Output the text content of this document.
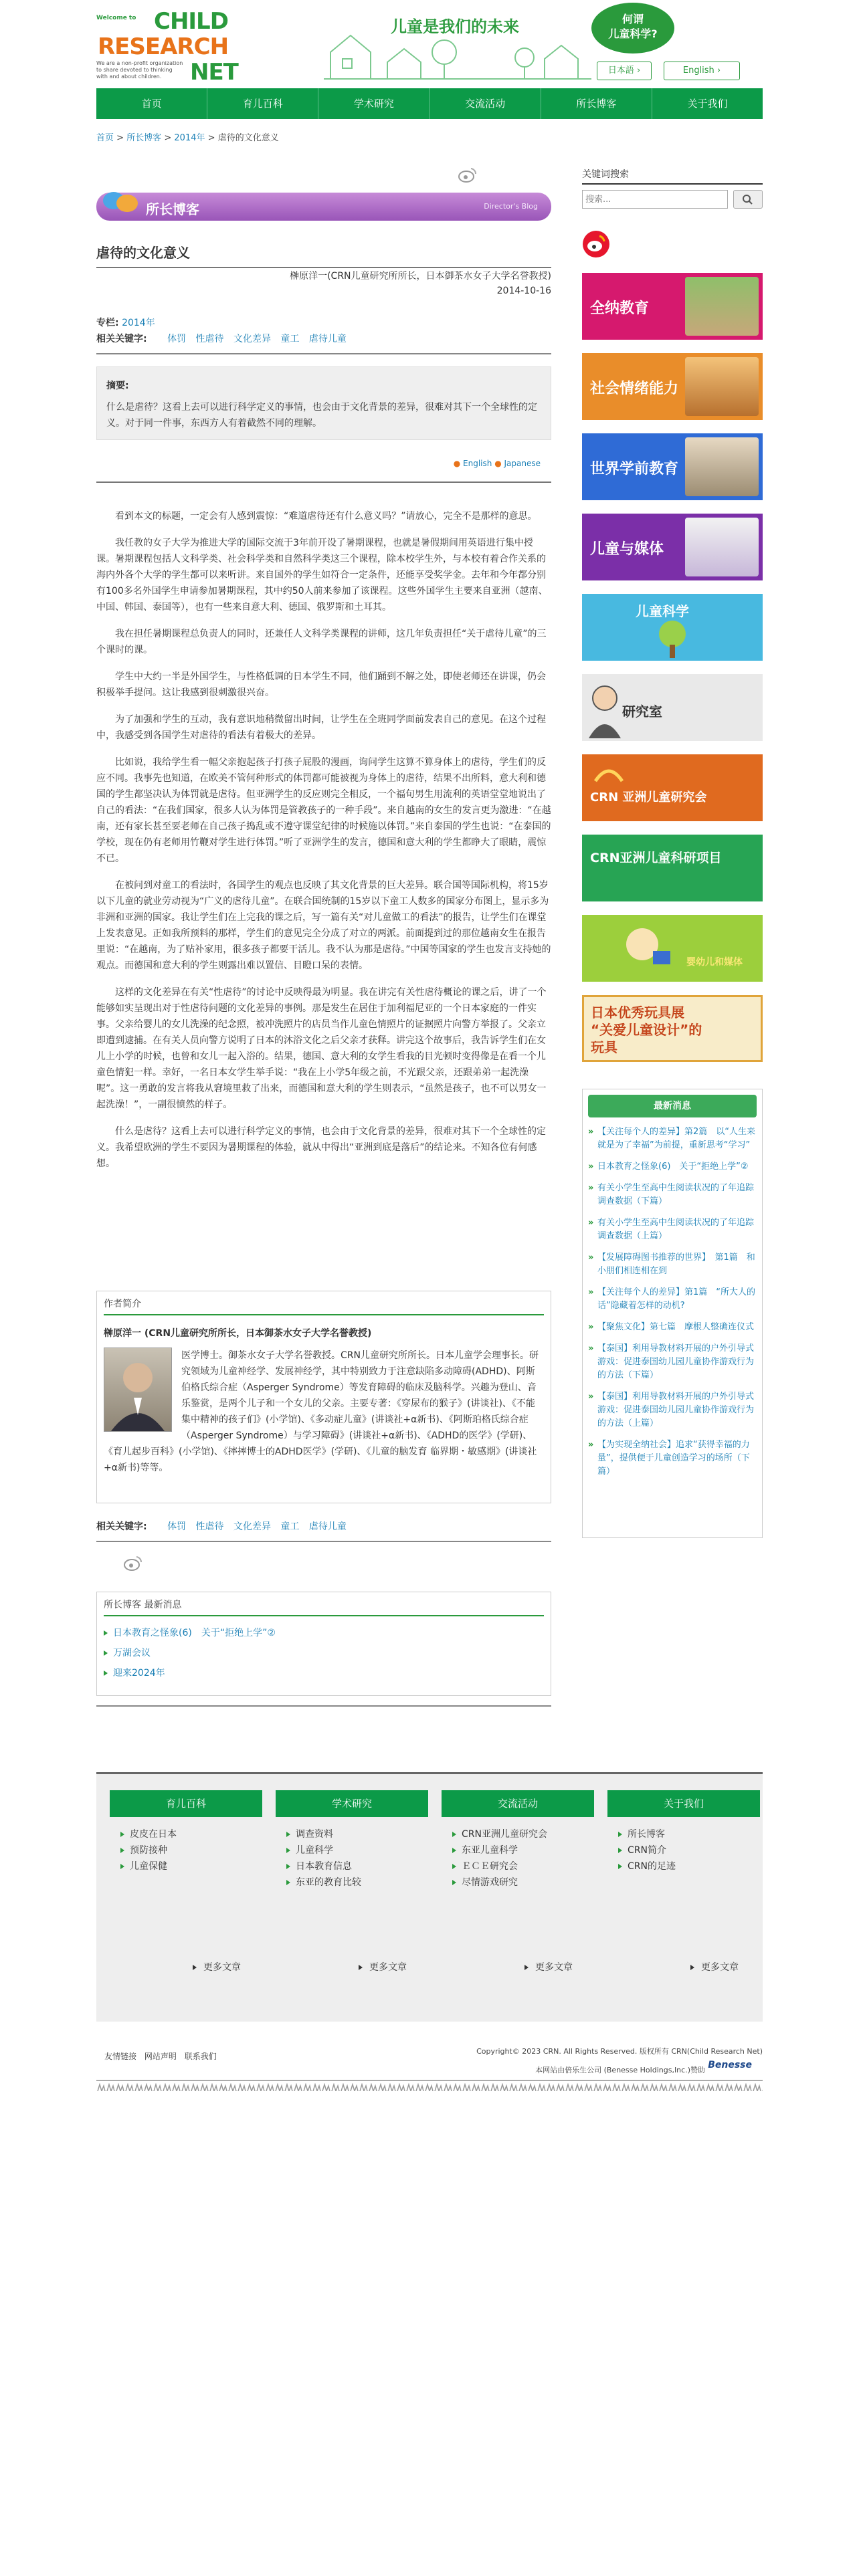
Welcome to CHILD
RESEARCH
NET
We are a non-profit organization to share devoted to thinking with and about children.
儿童是我们的未来	何谓
儿童科学?
日本語 ›	English ›
首页	育儿百科	学术研究	交流活动	所长博客	关于我们
首页 > 所长博客 > 2014年 > 虐待的文化意义
所长博客	Director's Blog
虐待的文化意义
榊原洋一(CRN儿童研究所所长，日本御茶水女子大学名誉教授)
2014-10-16
专栏: 2014年
相关关键字: 体罚 性虐待 文化差异 童工 虐待儿童
摘要:
什么是虐待？这看上去可以进行科学定义的事情，也会由于文化背景的差异，很难对其下一个全球性的定义。对于同一件事，东西方人有着截然不同的理解。
● English ● Japanese

看到本文的标题，一定会有人感到震惊：“难道虐待还有什么意义吗？”请放心，完全不是那样的意思。

我任教的女子大学为推进大学的国际交流于3年前开设了暑期课程，也就是暑假期间用英语进行集中授课。暑期课程包括人文科学类、社会科学类和自然科学类这三个课程，除本校学生外，与本校有着合作关系的海内外各个大学的学生都可以来听讲。来自国外的学生如符合一定条件，还能享受奖学金。去年和今年都分别有100多名外国学生申请参加暑期课程，其中约50人前来参加了该课程。这些外国学生主要来自亚洲（越南、中国、韩国、泰国等），也有一些来自意大利、德国、俄罗斯和土耳其。

我在担任暑期课程总负责人的同时，还兼任人文科学类课程的讲师，这几年负责担任“关于虐待儿童”的三个课时的课。

学生中大约一半是外国学生，与性格低调的日本学生不同，他们踊到不解之处，即使老师还在讲课，仍会积极举手提问。这让我感到很刺激很兴奋。

为了加强和学生的互动，我有意识地稍微留出时间，让学生在全班同学面前发表自己的意见。在这个过程中，我感受到各国学生对虐待的看法有着极大的差异。

比如说，我给学生看一幅父亲抱起孩子打孩子屁股的漫画，询问学生这算不算身体上的虐待，学生们的反应不同。我事先也知道，在欧美不管何种形式的体罚都可能被视为身体上的虐待，结果不出所料，意大利和德国的学生都坚决认为体罚就是虐待。但亚洲学生的反应则完全相反，一个福旬男生用流利的英语堂堂地说出了自己的看法：“在我们国家，很多人认为体罚是管教孩子的一种手段”。来自越南的女生的发言更为激进：“在越南，还有家长甚至要老师在自己孩子捣乱或不遵守课堂纪律的时候施以体罚。”来自泰国的学生也说：“在泰国的学校，现在仍有老师用竹鞭对学生进行体罚。”听了亚洲学生的发言，德国和意大利的学生都睁大了眼睛，震惊不已。

在被问到对童工的看法时，各国学生的观点也反映了其文化背景的巨大差异。联合国等国际机构，将15岁以下儿童的就业劳动视为“广义的虐待儿童”。在联合国统制的15岁以下童工人数多的国家分布图上，显示多为非洲和亚洲的国家。我让学生们在上完我的课之后，写一篇有关“对儿童做工的看法”的报告，让学生们在课堂上发表意见。正如我所预料的那样，学生们的意见完全分成了对立的两派。前面提到过的那位越南女生在报告里说：“在越南，为了贴补家用，很多孩子都要干活儿。我不认为那是虐待。”中国等国家的学生也发言支持她的观点。而德国和意大利的学生则露出难以置信、目瞪口呆的表情。

这样的文化差异在有关“性虐待”的讨论中反映得最为明显。我在讲完有关性虐待概论的课之后，讲了一个能够如实呈现出对于性虐待问题的文化差异的事例。那是发生在居住于加利福尼亚的一个日本家庭的一件实事。父亲给婴儿的女儿洗澡的纪念照，被冲洗照片的店员当作儿童色情照片的证据照片向警方举报了。父亲立即遭到逮捕。在有关人员向警方说明了日本的沐浴文化之后父亲才获释。讲完这个故事后，我告诉学生们在女儿上小学的时候，也曾和女儿一起入浴的。结果，德国、意大利的女学生看我的目光顿时变得像是在看一个儿童色情犯一样。幸好，一名日本女学生举手说：“我在上小学5年级之前，不光跟父亲，还跟弟弟一起洗澡呢”。这一勇敢的发言将我从窘境里救了出来，而德国和意大利的学生则表示，“虽然是孩子，也不可以男女一起洗澡！”，一副很愤然的样子。

什么是虐待？这看上去可以进行科学定义的事情，也会由于文化背景的差异，很难对其下一个全球性的定义。我希望欧洲的学生不要因为暑期课程的体验，就从中得出“亚洲到底是落后”的结论来。不知各位有何感想。

作者简介
榊原洋一 (CRN儿童研究所所长，日本御茶水女子大学名誉教授)
医学博士。御茶水女子大学名誉教授。CRN儿童研究所所长。日本儿童学会理事长。研究领域为儿童神经学、发展神经学，其中特别致力于注意缺陷多动障碍(ADHD)、阿斯伯格氏综合症（Asperger Syndrome）等发育障碍的临床及脑科学。兴趣为登山、音乐鉴赏，是两个儿子和一个女儿的父亲。主要专著：《穿尿布的猴子》(讲谈社)、《不能集中精神的孩子们》(小学馆)、《多动症儿童》(讲谈社+α新书)、《阿斯珀格氏综合症（Asperger Syndrome）与学习障碍》(讲谈社+α新书)、《ADHD的医学》(学研)、《育儿起步百科》(小学馆)、《摔摔博士的ADHD医学》(学研)、《儿童的脑发育 临界期・敏感期》(讲谈社+α新书)等等。
相关关键字: 体罚 性虐待 文化差异 童工 虐待儿童
所长博客 最新消息
日本教育之怪象(6)　关于“拒绝上学”②
万湖会议
迎来2024年
关键词搜索
搜索...
全纳教育
社会情绪能力
世界学前教育
儿童与媒体
儿童科学
研究室
CRN 亚洲儿童研究会
CRN亚洲儿童科研项目
婴幼儿和媒体
日本优秀玩具展 “关爱儿童设计”的玩具
最新消息
» 【关注每个人的差异】第2篇　以“人生来就是为了幸福”为前提，重新思考“学习”
» 日本教育之怪象(6)　关于“拒绝上学”②
» 有关小学生至高中生阅读状况的了年追踪调查数据（下篇）
» 有关小学生至高中生阅读状况的了年追踪调查数据（上篇）
» 【发展障碍图书推荐的世界】　第1篇　和小朋们相连相在到
» 【关注每个人的差异】第1篇　“所大人的话”隐藏着怎样的动机?
» 【聚焦文化】第七篇　摩根人整确连仪式
» 【泰国】利用导教材料开展的户外引导式游戏：促进泰国幼儿园儿童协作游戏行为的方法（下篇）
» 【泰国】利用导教材料开展的户外引导式游戏：促进泰国幼儿园儿童协作游戏行为的方法（上篇）
» 【为实现全纳社会】追求“获得幸福的力量”，提供便于儿童创造学习的场所（下篇）
育儿百科
皮皮在日本
预防接种
儿童保健
学术研究
调查资料
儿童科学
日本教育信息
东亚的教育比较
交流活动
CRN亚洲儿童研究会
东亚儿童科学
ＥＣＥ研究会
尽情游戏研究
关于我们
所长博客
CRN简介
CRN的足迹
更多文章	更多文章	更多文章	更多文章
友情链接 网站声明 联系我们
Copyright© 2023 CRN. All Rights Reserved. 版权所有 CRN(Child Research Net)
本网站由倍乐生公司 (Benesse Holdings,Inc.)赞助 Benesse
